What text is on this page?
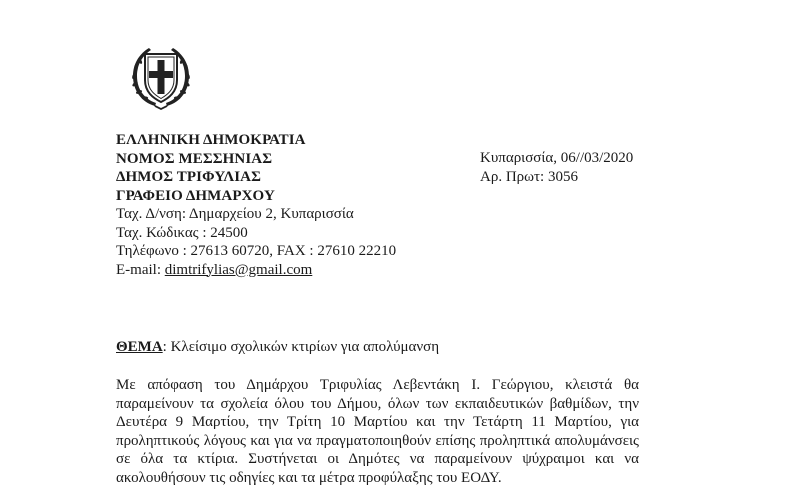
ΕΛΛΗΝΙΚΗ ΔΗΜΟΚΡΑΤΙΑ
ΝΟΜΟΣ ΜΕΣΣΗΝΙΑΣ
ΔΗΜΟΣ ΤΡΙΦΥΛΙΑΣ
ΓΡΑΦΕΙΟ ΔΗΜΑΡΧΟΥ
Ταχ. Δ/νση: Δημαρχείου 2, Κυπαρισσία
Ταχ. Κώδικας : 24500
Τηλέφωνο : 27613 60720, FAX : 27610 22210
E-mail: dimtrifylias@gmail.com
Κυπαρισσία, 06//03/2020
Αρ. Πρωτ: 3056
ΘΕΜΑ: Κλείσιμο σχολικών κτιρίων για απολύμανση
Με απόφαση του Δημάρχου Τριφυλίας Λεβεντάκη Ι. Γεώργιου, κλειστά θα
παραμείνουν τα σχολεία όλου του Δήμου, όλων των εκπαιδευτικών βαθμίδων, την
Δευτέρα 9 Μαρτίου, την Τρίτη 10 Μαρτίου και την Τετάρτη 11 Μαρτίου, για
προληπτικούς λόγους και για να πραγματοποιηθούν επίσης προληπτικά απολυμάνσεις
σε όλα τα κτίρια. Συστήνεται οι Δημότες να παραμείνουν ψύχραιμοι και να
ακολουθήσουν τις οδηγίες και τα μέτρα προφύλαξης του ΕΟΔΥ.
